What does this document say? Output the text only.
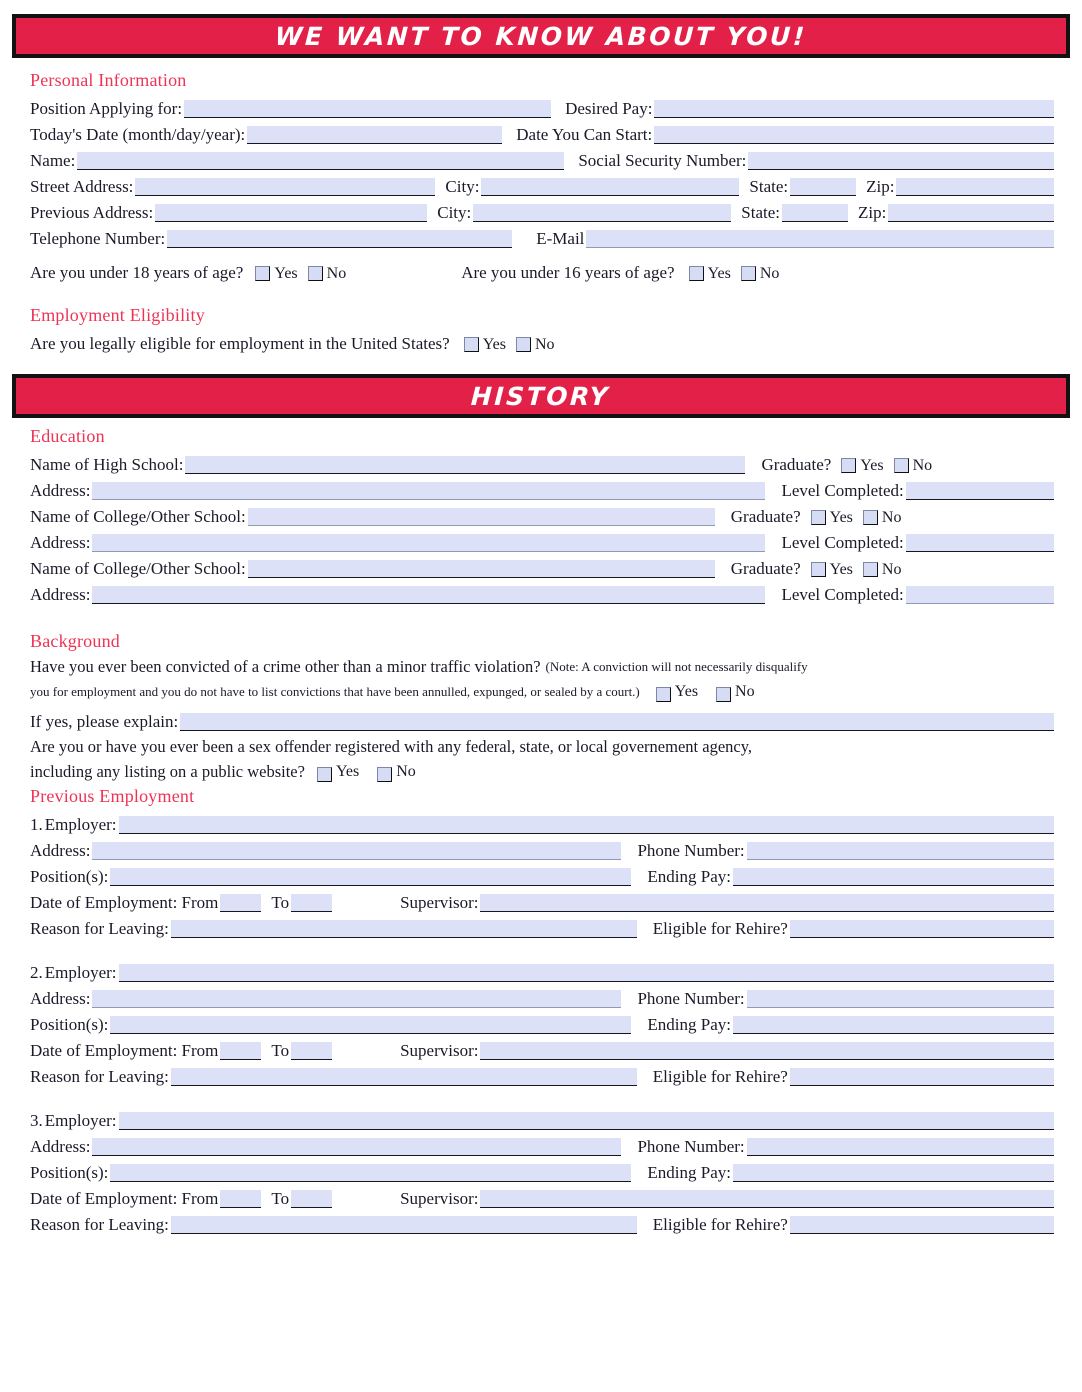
WE WANT TO KNOW ABOUT YOU!
Personal Information
Position Applying for:	Desired Pay:
Today's Date (month/day/year):	Date You Can Start:
Name:	Social Security Number:
Street Address:	City:	State:	Zip:
Previous Address:	City:	State:	Zip:
Telephone Number:	E-Mail
Are you under 18 years of age? Yes	No	Are you under 16 years of age? Yes	No
Employment Eligibility
Are you legally eligible for employment in the United States? Yes	No
HISTORY
Education
Name of High School:	Graduate? Yes	No
Address:	Level Completed:
Name of College/Other School:	Graduate? Yes	No
Address:	Level Completed:
Name of College/Other School:	Graduate? Yes	No
Address:	Level Completed:
Background
Have you ever been convicted of a crime other than a minor traffic violation? (Note: A conviction will not necessarily disqualify
you for employment and you do not have to list convictions that have been annulled, expunged, or sealed by a court.) Yes	No
If yes, please explain:
Are you or have you ever been a sex offender registered with any federal, state, or local governement agency,
including any listing on a public website? Yes	No
Previous Employment
1. Employer:
Address:	Phone Number:
Position(s):	Ending Pay:
Date of Employment: From	To	Supervisor:
Reason for Leaving:	Eligible for Rehire?
2. Employer:
Address:	Phone Number:
Position(s):	Ending Pay:
Date of Employment: From	To	Supervisor:
Reason for Leaving:	Eligible for Rehire?
3. Employer:
Address:	Phone Number:
Position(s):	Ending Pay:
Date of Employment: From	To	Supervisor:
Reason for Leaving:	Eligible for Rehire?
